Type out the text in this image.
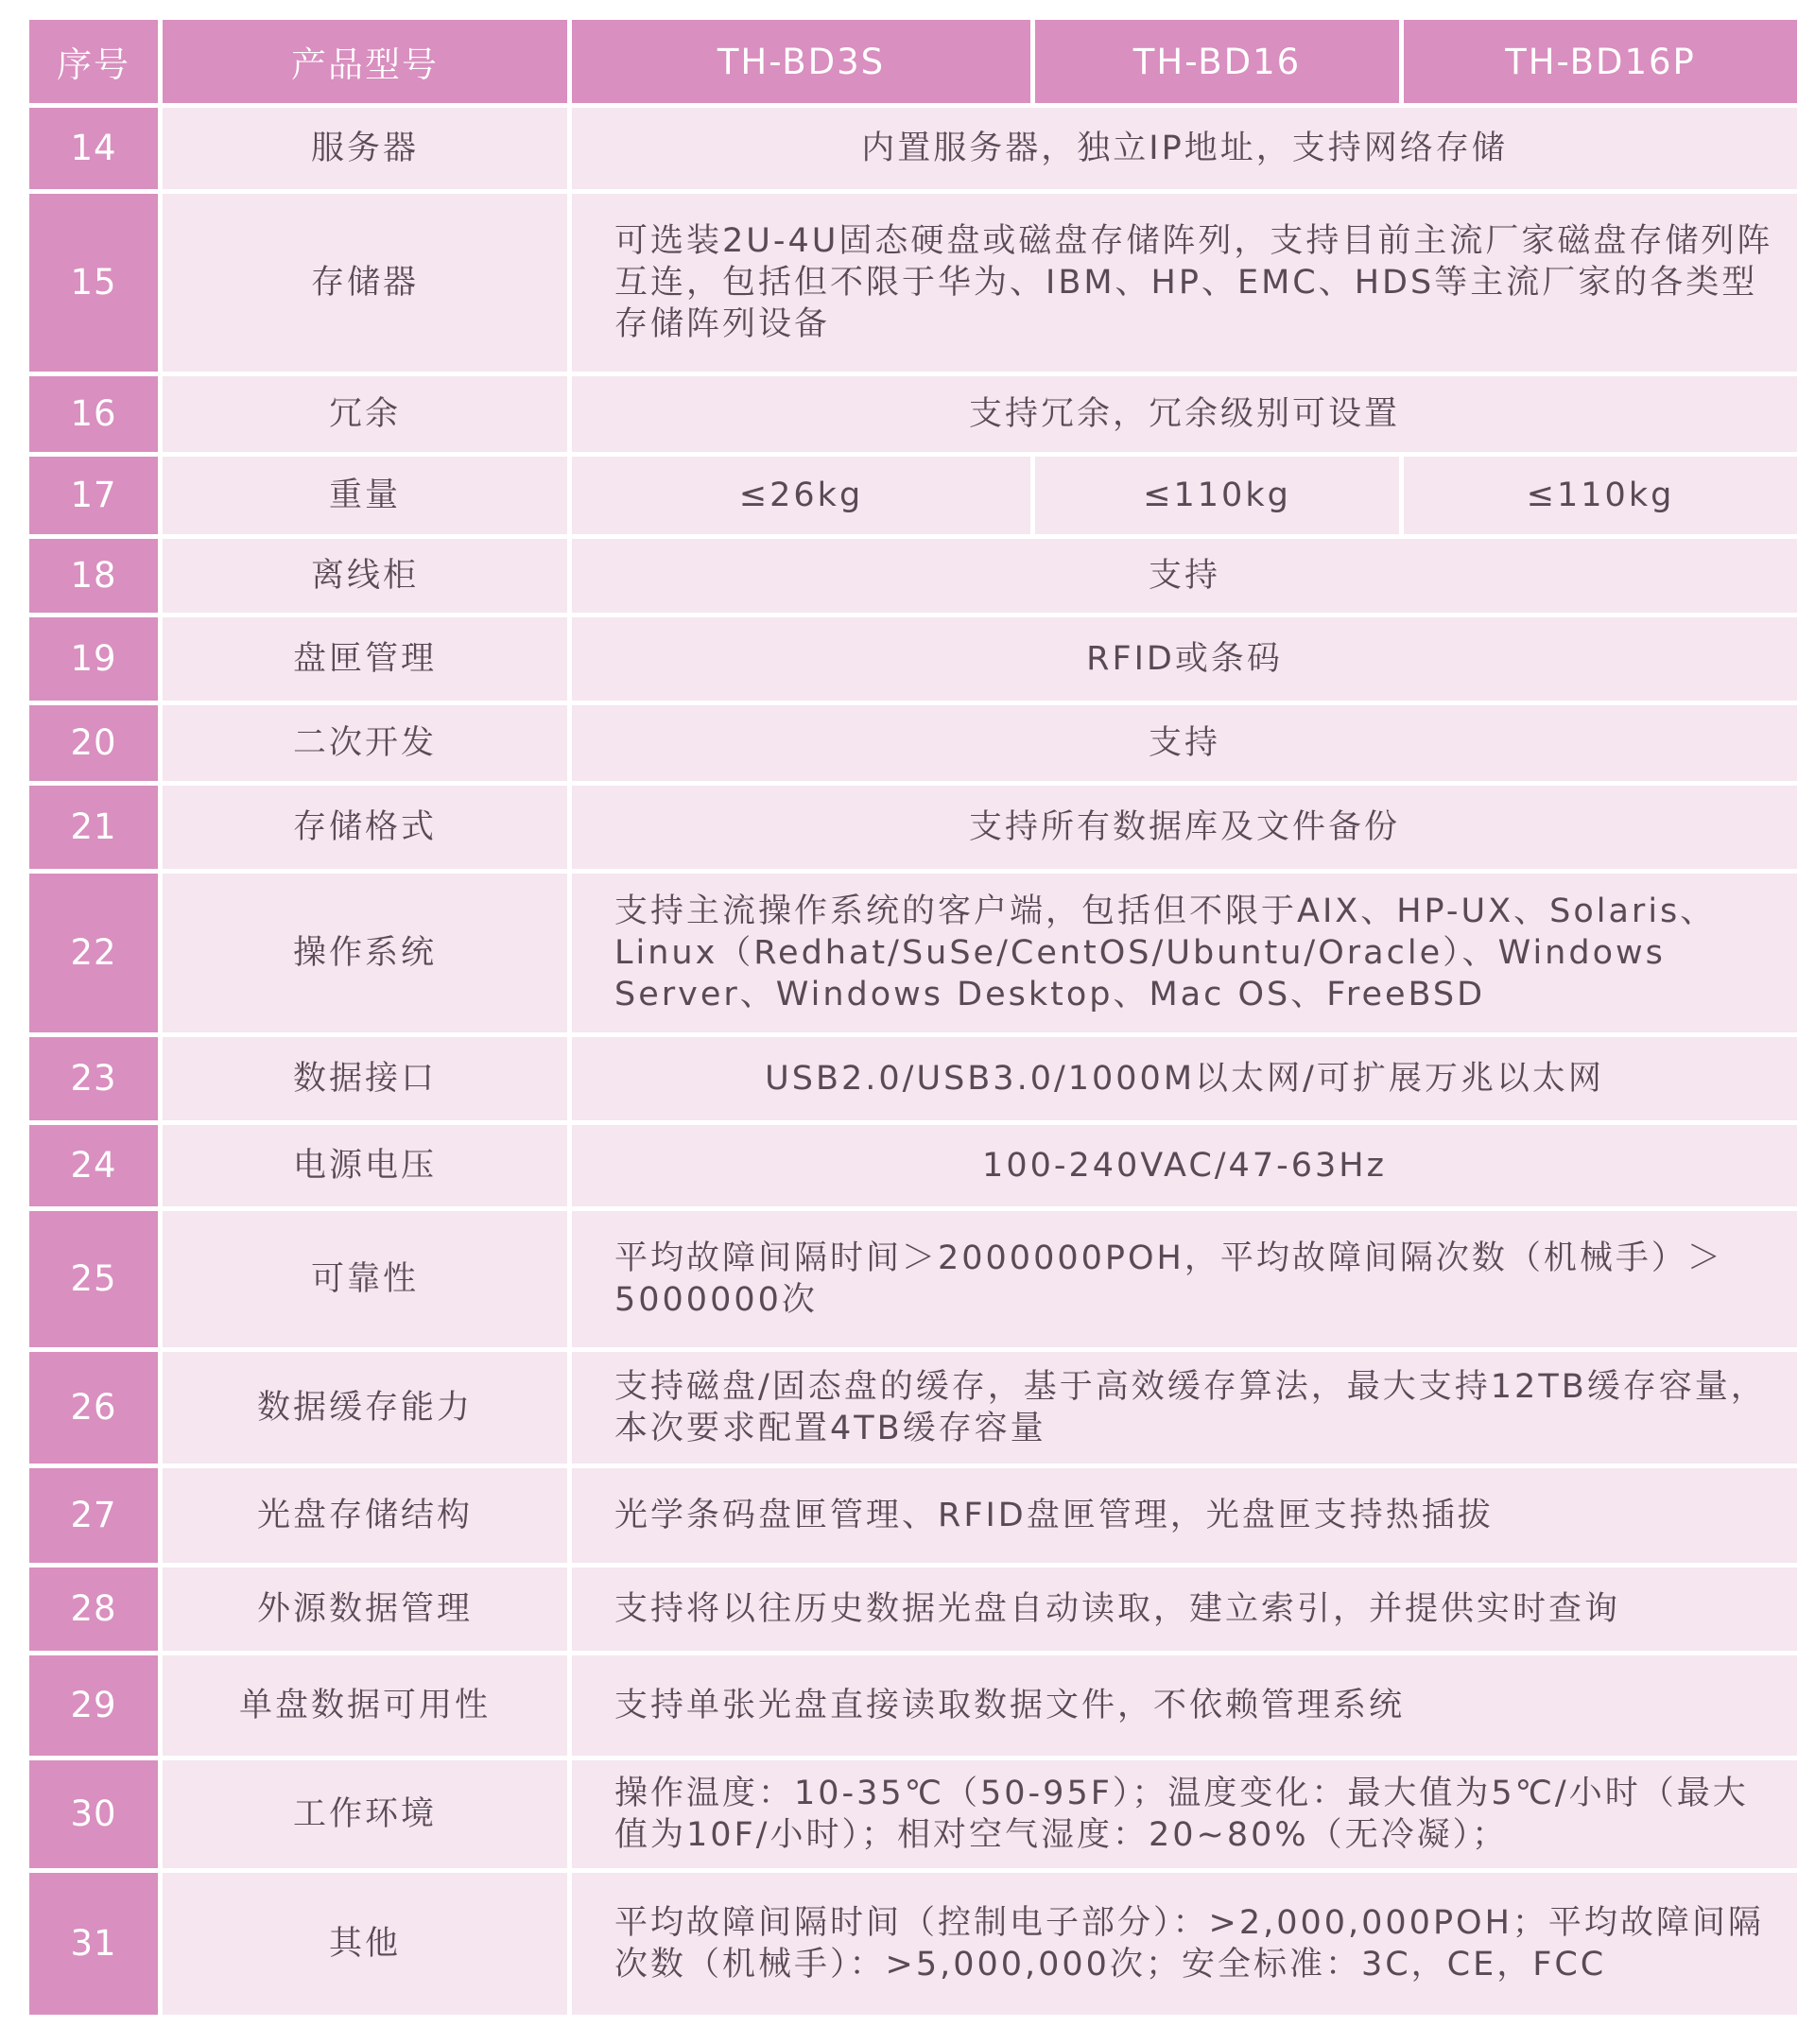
序号	产品型号	TH-BD3S	TH-BD16	TH-BD16P
14	服务器	内置服务器，独立IP地址，支持网络存储		
15	存储器	可选装2U-4U固态硬盘或磁盘存储阵列，支持目前主流厂家磁盘存储列阵互连，包括但不限于华为、IBM、HP、EMC、HDS等主流厂家的各类型存储阵列设备		
16	冗余	支持冗余，冗余级别可设置		
17	重量	≤26kg	≤110kg	≤110kg
18	离线柜	支持		
19	盘匣管理	RFID或条码		
20	二次开发	支持		
21	存储格式	支持所有数据库及文件备份		
22	操作系统	支持主流操作系统的客户端，包括但不限于AIX、HP-UX、Solaris、Linux（Redhat/SuSe/CentOS/Ubuntu/Oracle）、Windows Server、Windows Desktop、Mac OS、FreeBSD		
23	数据接口	USB2.0/USB3.0/1000M以太网/可扩展万兆以太网		
24	电源电压	100-240VAC/47-63Hz		
25	可靠性	平均故障间隔时间＞2000000POH，平均故障间隔次数（机械手）＞5000000次		
26	数据缓存能力	支持磁盘/固态盘的缓存，基于高效缓存算法，最大支持12TB缓存容量，本次要求配置4TB缓存容量		
27	光盘存储结构	光学条码盘匣管理、RFID盘匣管理，光盘匣支持热插拔		
28	外源数据管理	支持将以往历史数据光盘自动读取，建立索引，并提供实时查询		
29	单盘数据可用性	支持单张光盘直接读取数据文件，不依赖管理系统		
30	工作环境	操作温度：10-35℃（50-95F）；温度变化：最大值为5℃/小时（最大值为10F/小时）；相对空气湿度：20~80%（无冷凝）；		
31	其他	平均故障间隔时间（控制电子部分）：>2,000,000POH；平均故障间隔次数（机械手）：>5,000,000次；安全标准：3C，CE，FCC		
